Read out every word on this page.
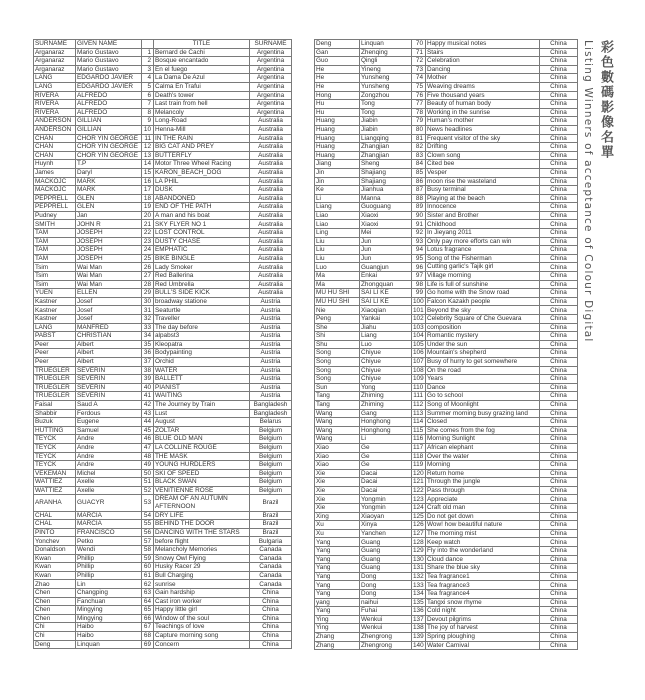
SURNAME	GIVEN NAME		TITLE	SURNAME
Arganaraz	Mario Gustavo	1	Bernard de Cachi	Argentina
Arganaraz	Mario Gustavo	2	Bosque encantado	Argentina
Arganaraz	Mario Gustavo	3	En el fuego	Argentina
LANG	EDGARDO JAVIER	4	La Dama De Azul	Argentina
LANG	EDGARDO JAVIER	5	Calma En Trafui	Argentina
RIVERA	ALFREDO	6	Death's tower	Argentina
RIVERA	ALFREDO	7	Last train from hell	Argentina
RIVERA	ALFREDO	8	Melancoly	Argentina
ANDERSON	GILLIAN	9	Long-Road	Australia
ANDERSON	GILLIAN	10	Henna-Mill	Australia
CHAN	CHOR YIN GEORGE	11	IN THE RAIN	Australia
CHAN	CHOR YIN GEORGE	12	BIG CAT AND PREY	Australia
CHAN	CHOR YIN GEORGE	13	BUTTERFLY	Australia
Huynh	T.P	14	Motor Three Wheel Racing	Australia
James	Daryl	15	KARON_BEACH_DOG	Australia
MACKOJC	MARK	16	LA PHIL	Australia
MACKOJC	MARK	17	DUSK	Australia
PEPPRELL	GLEN	18	ABANDONED	Australia
PEPPRELL	GLEN	19	END OF THE PATH	Australia
Pudney	Jan	20	A man and his boat	Australia
SMITH	JOHN R	21	SKY FLYER NO 1	Australia
TAM	JOSEPH	22	LOST CONTROL	Australia
TAM	JOSEPH	23	DUSTY CHASE	Australia
TAM	JOSEPH	24	EMPHATIC	Australia
TAM	JOSEPH	25	BIKE BINGLE	Australia
Tsim	Wai Man	26	Lady Smoker	Australia
Tsim	Wai Man	27	Red Ballerina	Australia
Tsim	Wai Man	28	Red Umbrella	Australia
YUEN	ELLEN	29	BULL'S SIDE KICK	Australia
Kastner	Josef	30	broadway statione	Austria
Kastner	Josef	31	Seaturtle	Austria
Kastner	Josef	32	Traveller	Austria
LANG	MANFRED	33	The day before	Austria
PABST	CHRISTIAN	34	alpabst3	Austria
Peer	Albert	35	Kleopatra	Austria
Peer	Albert	36	Bodypainting	Austria
Peer	Albert	37	Orchid	Austria
TRUEGLER	SEVERIN	38	WATER	Austria
TRUEGLER	SEVERIN	39	BALLETT	Austria
TRUEGLER	SEVERIN	40	PIANIST	Austria
TRUEGLER	SEVERIN	41	WAITING	Austria
Faisal	Saud A	42	The Journey by Train	Bangladesh
Shabbir	Ferdous	43	Lust	Bangladesh
Buzuk	Eugene	44	August	Belarus
HUTTING	Samuel	45	ZOLTAR	Belgium
TEYCK	Andre	46	BLUE OLD MAN	Belgium
TEYCK	Andre	47	LA COLLINE ROUGE	Belgium
TEYCK	Andre	48	THE MASK	Belgium
TEYCK	Andre	49	YOUNG HURDLERS	Belgium
VEKEMAN	Michel	50	SKI OF SPEED	Belgium
WATTIEZ	Axelle	51	BLACK SWAN	Belgium
WATTIEZ	Axelle	52	VENITIENNE ROSE	Belgium
ARANHA	GUACYR	53	DREAM OF AN AUTUMN AFTERNOON	Brazil
CHAL	MARCIA	54	DRY LIFE	Brazil
CHAL	MARCIA	55	BEHIND THE DOOR	Brazil
PINTO	FRANCISCO	56	DANCING WITH THE STARS	Brazil
Yonchev	Petko	57	before flight	Bulgaria
Donaldson	Wendi	58	Melancholy Memories	Canada
Kwan	Phillip	59	Snowy Owl Flying	Canada
Kwan	Phillip	60	Husky Racer 29	Canada
Kwan	Phillip	61	Bull Charging	Canada
Zhao	Lin	62	sunrise	Canada
Chen	Changping	63	Gain hardship	China
Chen	Fanchuan	64	Cast iron worker	China
Chen	Mingying	65	Happy little girl	China
Chen	Mingying	66	Window of the soul	China
Chi	Haibo	67	Teachings of love	China
Chi	Haibo	68	Capture morning song	China
Deng	Linquan	69	Concern	China
Deng	Linquan	70	Happy musical notes	China
Gan	Zhenqing	71	Stairs	China
Guo	Qingli	72	Celebration	China
He	Yineng	73	Dancing	China
He	Yunsheng	74	Mother	China
He	Yunsheng	75	Weaving dreams	China
Hong	Zongzhou	76	Five thousand years	China
Hu	Tong	77	Beauty of human body	China
Hu	Tong	78	Working in the sunrise	China
Huang	Jiabin	79	Human's mother	China
Huang	Jiabin	80	News headlines	China
Huang	Liangqing	81	Frequent visitor of the sky	China
Huang	Zhangjian	82	Drifting	China
Huang	Zhangjian	83	Clown song	China
Jiang	Sheng	84	Cited bee	China
Jin	Shajiang	85	Vesper	China
Jin	Shajiang	86	moon rise the wasteland	China
Ke	Jianhua	87	Busy terminal	China
Li	Manna	88	Playing at the beach	China
Liang	Guoguang	89	Innocence	China
Liao	Xiaoxi	90	Sister and Brother	China
Liao	Xiaoxi	91	Childhood	China
Ling	Mei	92	In Jieyang 2011	China
Liu	Jun	93	Only pay more efforts can win	China
Liu	Jun	94	Lotus fragrance	China
Liu	Jun	95	Song of the Fisherman	China
Luo	Guangjun	96	Cutting garlic's Tajik girl	China
Ma	Enkai	97	Village morning	China
Ma	Zhongquan	98	Life is full of sunshine	China
MU HU SHI	SAI LI KE	99	Go home with the Snow road	China
MU HU SHI	SAI LI KE	100	Falcon Kazakh people	China
Nie	Xiaoqian	101	Beyond the sky	China
Peng	Yankai	102	Celebrity Square of Che Guevara	China
She	Jiahu	103	composition	China
Shi	Liang	104	Romantic mystery	China
Shu	Luo	105	Under the sun	China
Song	Chiyue	106	Mountain's shepherd	China
Song	Chiyue	107	Busy of hurry to get somewhere	China
Song	Chiyue	108	On the road	China
Song	Chiyue	109	Years	China
Sun	Yong	110	Dance	China
Tang	Zhiming	111	Go to school	China
Tang	Zhiming	112	Song of Moonlight	China
Wang	Gang	113	Summer morning busy grazing land	China
Wang	Honghong	114	Closed	China
Wang	Honghong	115	She comes from the fog	China
Wang	Li	116	Morning Sunlight	China
Xiao	Ge	117	African elephant	China
Xiao	Ge	118	Over the water	China
Xiao	Ge	119	Morning	China
Xie	Dacai	120	Return home	China
Xie	Dacai	121	Through the jungle	China
Xie	Dacai	122	Pass through	China
Xie	Yongmin	123	Appreciate	China
Xie	Yongmin	124	Craft old man	China
Xing	Xiaoyan	125	Do not get down	China
Xu	Xinya	126	Wow! how beautiful nature	China
Xu	Yanchen	127	The morning mist	China
Yang	Guang	128	Keep watch	China
Yang	Guang	129	Fly into the wonderland	China
Yang	Guang	130	Cloud dance	China
Yang	Guang	131	Share the blue sky	China
Yang	Dong	132	Tea fragrance1	China
Yang	Dong	133	Tea fragrance3	China
Yang	Dong	134	Tea fragrance4	China
yang	naihui	135	Tangxi snow rhyme	China
Yang	Fuhai	136	Cold night	China
Ying	Wenkui	137	Devout pilgrims	China
Ying	Wenkui	138	The joy of harvest	China
Zhang	Zhengrong	139	Spring ploughing	China
Zhang	Zhengrong	140	Water Carnival	China
彩色數碼影像名單
Listing Winners of acceptance of Colour Digital
